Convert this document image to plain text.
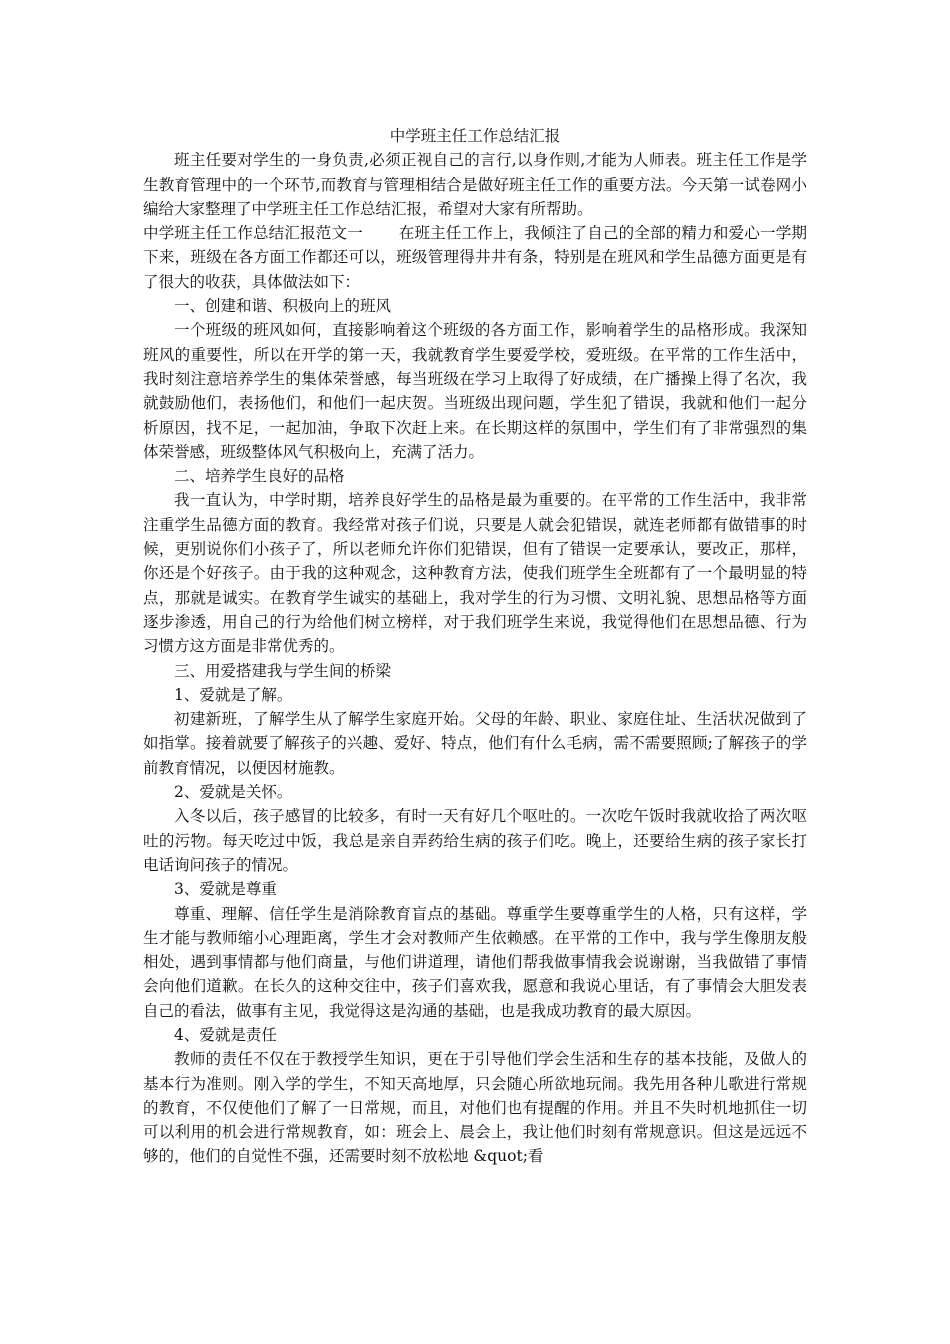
中学班主任工作总结汇报

班主任要对学生的一身负责,必须正视自己的言行,以身作则,才能为人师表。班主任工作是学生教育管理中的一个环节,而教育与管理相结合是做好班主任工作的重要方法。今天第一试卷网小编给大家整理了中学班主任工作总结汇报，希望对大家有所帮助。

中学班主任工作总结汇报范文一 在班主任工作上，我倾注了自己的全部的精力和爱心一学期下来，班级在各方面工作都还可以，班级管理得井井有条，特别是在班风和学生品德方面更是有了很大的收获，具体做法如下：

一、创建和谐、积极向上的班风

一个班级的班风如何，直接影响着这个班级的各方面工作，影响着学生的品格形成。我深知班风的重要性，所以在开学的第一天，我就教育学生要爱学校，爱班级。在平常的工作生活中，我时刻注意培养学生的集体荣誉感，每当班级在学习上取得了好成绩，在广播操上得了名次，我就鼓励他们，表扬他们，和他们一起庆贺。当班级出现问题，学生犯了错误，我就和他们一起分析原因，找不足，一起加油，争取下次赶上来。在长期这样的氛围中，学生们有了非常强烈的集体荣誉感，班级整体风气积极向上，充满了活力。

二、培养学生良好的品格

我一直认为，中学时期，培养良好学生的品格是最为重要的。在平常的工作生活中，我非常注重学生品德方面的教育。我经常对孩子们说，只要是人就会犯错误，就连老师都有做错事的时候，更别说你们小孩子了，所以老师允许你们犯错误，但有了错误一定要承认，要改正，那样，你还是个好孩子。由于我的这种观念，这种教育方法，使我们班学生全班都有了一个最明显的特点，那就是诚实。在教育学生诚实的基础上，我对学生的行为习惯、文明礼貌、思想品格等方面逐步渗透，用自己的行为给他们树立榜样，对于我们班学生来说，我觉得他们在思想品德、行为习惯方这方面是非常优秀的。

三、用爱搭建我与学生间的桥梁

1、爱就是了解。

初建新班，了解学生从了解学生家庭开始。父母的年龄、职业、家庭住址、生活状况做到了如指掌。接着就要了解孩子的兴趣、爱好、特点，他们有什么毛病，需不需要照顾;了解孩子的学前教育情况，以便因材施教。

2、爱就是关怀。

入冬以后，孩子感冒的比较多，有时一天有好几个呕吐的。一次吃午饭时我就收拾了两次呕吐的污物。每天吃过中饭，我总是亲自弄药给生病的孩子们吃。晚上，还要给生病的孩子家长打电话询问孩子的情况。

3、爱就是尊重

尊重、理解、信任学生是消除教育盲点的基础。尊重学生要尊重学生的人格，只有这样，学生才能与教师缩小心理距离，学生才会对教师产生依赖感。在平常的工作中，我与学生像朋友般相处，遇到事情都与他们商量，与他们讲道理，请他们帮我做事情我会说谢谢，当我做错了事情会向他们道歉。在长久的这种交往中，孩子们喜欢我，愿意和我说心里话，有了事情会大胆发表自己的看法，做事有主见，我觉得这是沟通的基础，也是我成功教育的最大原因。

4、爱就是责任

教师的责任不仅在于教授学生知识，更在于引导他们学会生活和生存的基本技能，及做人的基本行为准则。刚入学的学生，不知天高地厚，只会随心所欲地玩闹。我先用各种儿歌进行常规的教育，不仅使他们了解了一日常规，而且，对他们也有提醒的作用。并且不失时机地抓住一切可以利用的机会进行常规教育，如：班会上、晨会上，我让他们时刻有常规意识。但这是远远不够的，他们的自觉性不强，还需要时刻不放松地 &quot;看
